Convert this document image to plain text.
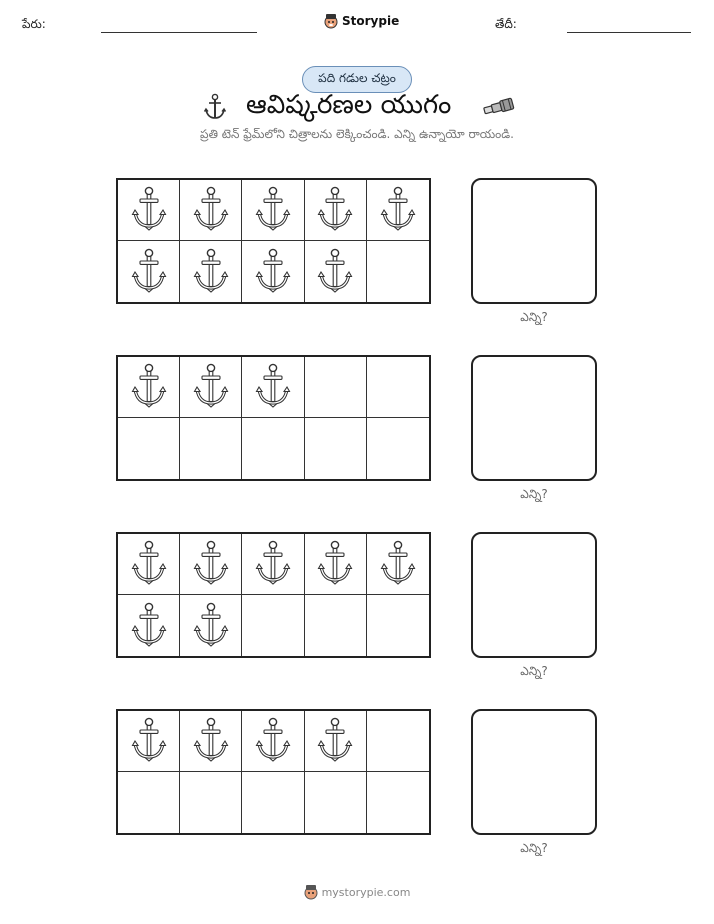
పేరు:	Storypie	తేదీ:
పది గడుల చట్రం
ఆవిష్కరణల యుగం
ప్రతి టెన్ ఫ్రేమ్‌లోని చిత్రాలను లెక్కించండి. ఎన్ని ఉన్నాయో రాయండి.
ఎన్ని?
ఎన్ని?
ఎన్ని?
ఎన్ని?
mystorypie.com
